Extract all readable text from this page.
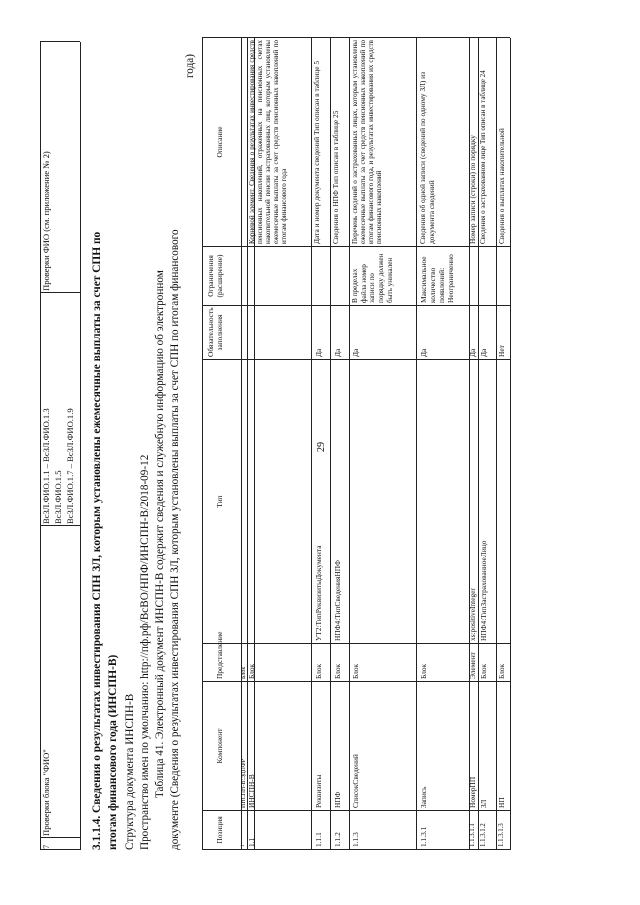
29
7
Проверки блока "ФИО"
ВсЗЛ.ФИО.1.1 – ВсЗЛ.ФИО.1.3 ВсЗЛ.ФИО.1.5 ВсЗЛ.ФИО.1.7 – ВсЗЛ.ФИО.1.9
Проверки ФИО (см. приложение № 2)
3.1.1.4. Сведения о результатах инвестирования СПН ЗЛ, которым установлены ежемесячные выплаты за счет СПН по итогам финансового года (ИНСПН-В) Структура документа ИНСПН-В Пространство имен по умолчанию: http://пф.рф/ВсВО/НПФ/ИНСПН-В/2018-09-12 Таблица 41. Электронный документ ИНСПН-В содержит сведения и служебную информацию об электронном документе (Сведения о результатах инвестирования СПН ЗЛ, которым установлены выплаты за счет СПН по итогам финансового
года)
Позиция
Компонент
Представление
Тип
Обязательность заполнения
Ограничения (расширение)
Описание
1
ИНСПН-В:ЭДПФР
Блок
1.1
ИНСПН-В
Блок
Корневой элемент. Сведения о результатах инвестирования средств пенсионных накоплений, отраженных на пенсионных счетах накопительной пенсии застрахованных лиц, которым установлены ежемесячные выплаты за счет средств пенсионных накоплений по итогам финансового года
1.1.1
Реквизиты
Блок
УТ2:ТипРеквизитыДокумента
Да
Дата и номер документа сведений Тип описан в таблице 5
1.1.2
НПФ
Блок
НПФ4:ТипСведенияНПФ
Да
Сведения о НПФ Тип описан в таблице 25
1.1.3
СписокСведений
Блок
Да
В пределах файла номер записи по порядку должен быть уникален
Перечень сведений о застрахованных лицах, которым установлены ежемесячные выплаты за счет средств пенсионных накоплений по итогам финансового года, и результатах инвестирования их средств пенсионных накоплений
1.1.3.1
Запись
Блок
Да
Максимальное количество появлений: Неограниченно
Сведения об одной записи (сведений по одному ЗЛ) из документа сведений
1.1.3.1.1
НомерПП
Элемент
xs:positiveInteger
Да
Номер записи (строки) по порядку
1.1.3.1.2
ЗЛ
Блок
НПФ4:ТипЗастрахованноеЛицо
Да
Сведения о застрахованном лице Тип описан в таблице 24
1.1.3.1.3
НП
Блок
Нет
Сведения о выплатах накопительной
